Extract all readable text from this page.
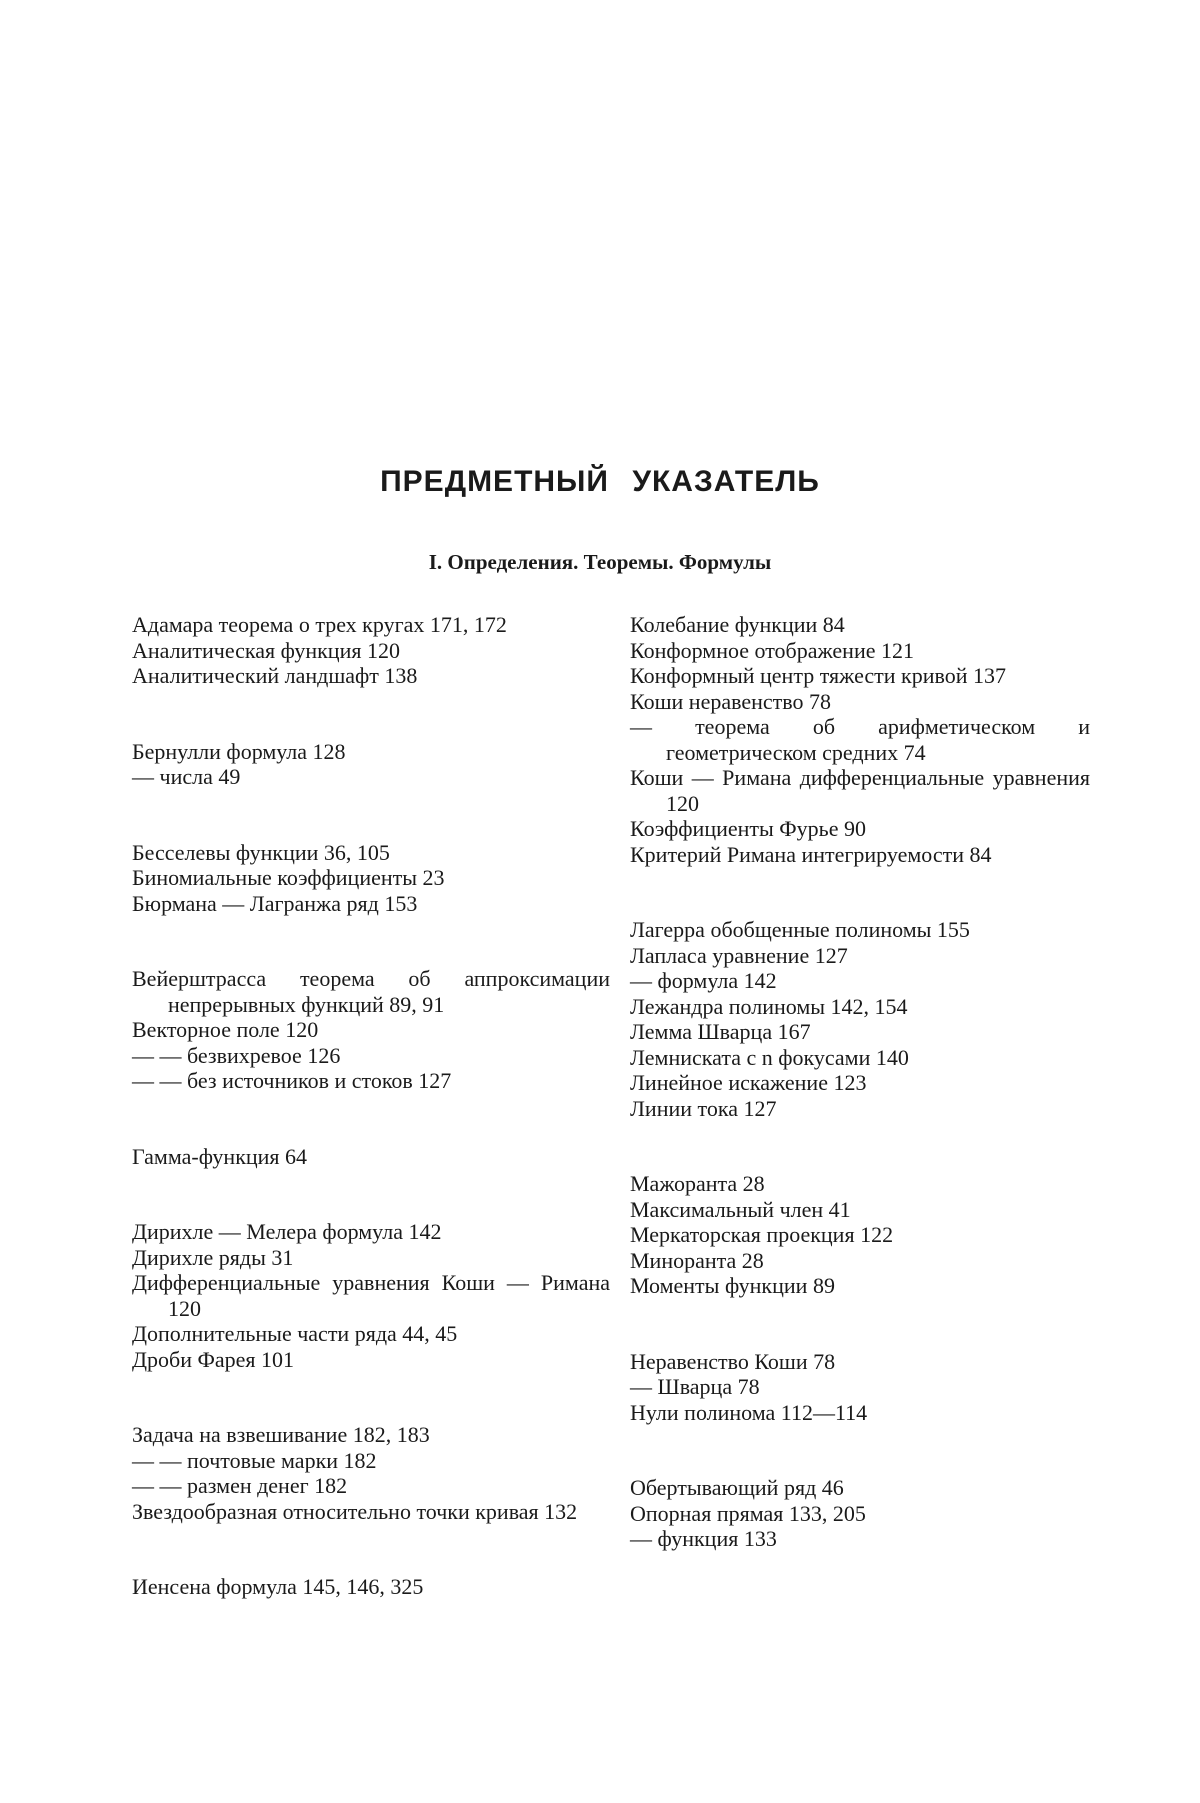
ПРЕДМЕТНЫЙ УКАЗАТЕЛЬ
I. Определения. Теоремы. Формулы

Адамара теорема о трех кругах 171, 172

Аналитическая функция 120

Аналитический ландшафт 138

Бернулли формула 128

— числа 49

Бесселевы функции 36, 105

Биномиальные коэффициенты 23

Бюрмана — Лагранжа ряд 153

Вейерштрасса теорема об аппроксимации непрерывных функций 89, 91

Векторное поле 120

— — безвихревое 126

— — без источников и стоков 127

Гамма-функция 64

Дирихле — Мелера формула 142

Дирихле ряды 31

Дифференциальные уравнения Коши — Римана 120

Дополнительные части ряда 44, 45

Дроби Фарея 101

Задача на взвешивание 182, 183

— — почтовые марки 182

— — размен денег 182

Звездообразная относительно точки кривая 132

Иенсена формула 145, 146, 325

Колебание функции 84

Конформное отображение 121

Конформный центр тяжести кривой 137

Коши неравенство 78

— теорема об арифметическом и геометрическом средних 74

Коши — Римана дифференциальные уравнения 120

Коэффициенты Фурье 90

Критерий Римана интегрируемости 84

Лагерра обобщенные полиномы 155

Лапласа уравнение 127

— формула 142

Лежандра полиномы 142, 154

Лемма Шварца 167

Лемниската с n фокусами 140

Линейное искажение 123

Линии тока 127

Мажоранта 28

Максимальный член 41

Меркаторская проекция 122

Миноранта 28

Моменты функции 89

Неравенство Коши 78

— Шварца 78

Нули полинома 112—114

Обертывающий ряд 46

Опорная прямая 133, 205

— функция 133
